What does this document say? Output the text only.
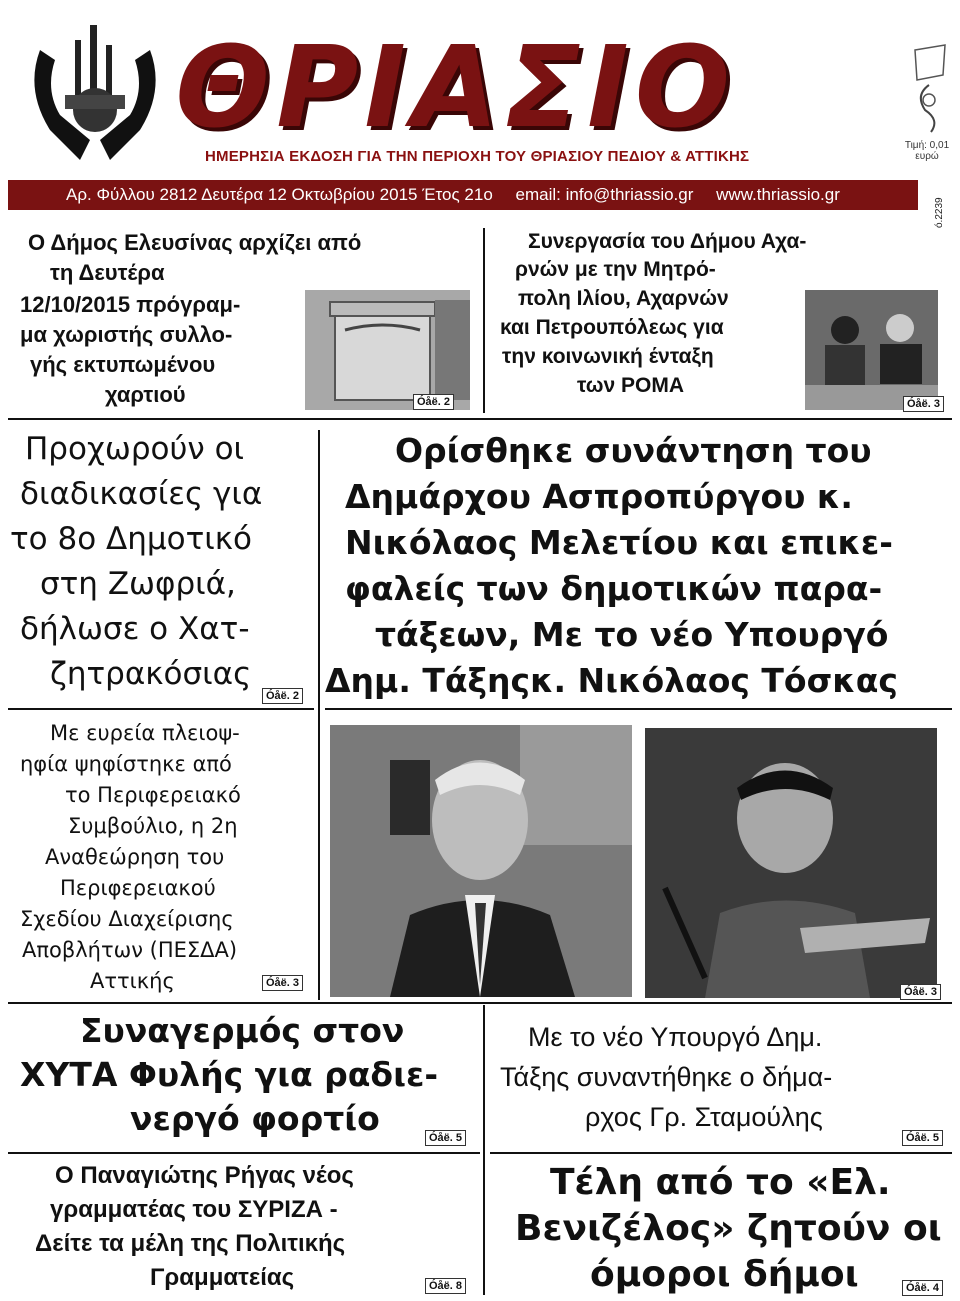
ΘΡΙΑΣΙΟ
ΗΜΕΡΗΣΙΑ ΕΚΔΟΣΗ ΓΙΑ ΤΗΝ ΠΕΡΙΟΧΗ ΤΟΥ ΘΡΙΑΣΙΟΥ ΠΕΔΙΟΥ & ΑΤΤΙΚΗΣ
Τιμή: 0,01
ευρώ
Αρ. Φύλλου 2812 Δευτέρα 12 Οκτωβρίου 2015 Έτος 21ο email: info@thriassio.gr www.thriassio.gr
ó.2239
Ο Δήμος Ελευσίνας αρχίζει από
τη Δευτέρα
12/10/2015 πρόγραμ-
μα χωριστής συλλο-
γής εκτυπωμένου
χαρτιού	Óåë. 2
Συνεργασία του Δήμου Αχα-
ρνών με την Μητρό-
πολη Ιλίου, Αχαρνών
και Πετρουπόλεως για
την κοινωνική ένταξη
των ΡΟΜΑ
Óåë. 3
Προχωρούν οι
διαδικασίες για
το 8ο Δημοτικό
στη Ζωφριά,
δήλωσε ο Χατ-
ζητρακόσιας
Óåë. 2
Ορίσθηκε συνάντηση του
Δημάρχου Ασπροπύργου κ.
Νικόλαος Μελετίου και επικε-
φαλείς των δημοτικών παρα-
τάξεων, Με το νέο Υπουργό
Δημ. Τάξηςκ. Νικόλαος Τόσκας
Με ευρεία πλειοψ-
ηφία ψηφίστηκε από
το Περιφερειακό
Συμβούλιο, η 2η
Αναθεώρηση του
Περιφερειακού
Σχεδίου Διαχείρισης
Αποβλήτων (ΠΕΣΔΑ)
Αττικής	Óåë. 3
Óåë. 3
Συναγερμός στον
ΧΥΤΑ Φυλής για ραδιε-
νεργό φορτίο	Óåë. 5
Με το νέο Υπουργό Δημ.
Τάξης συναντήθηκε ο δήμα-
ρχος Γρ. Σταμούλης
Óåë. 5
Ο Παναγιώτης Ρήγας νέος
γραμματέας του ΣΥΡΙΖΑ -
Δείτε τα μέλη της Πολιτικής
Γραμματείας	Óåë. 8
Τέλη από το «Ελ.
Βενιζέλος» ζητούν οι
όμοροι δήμοι	Óåë. 4
